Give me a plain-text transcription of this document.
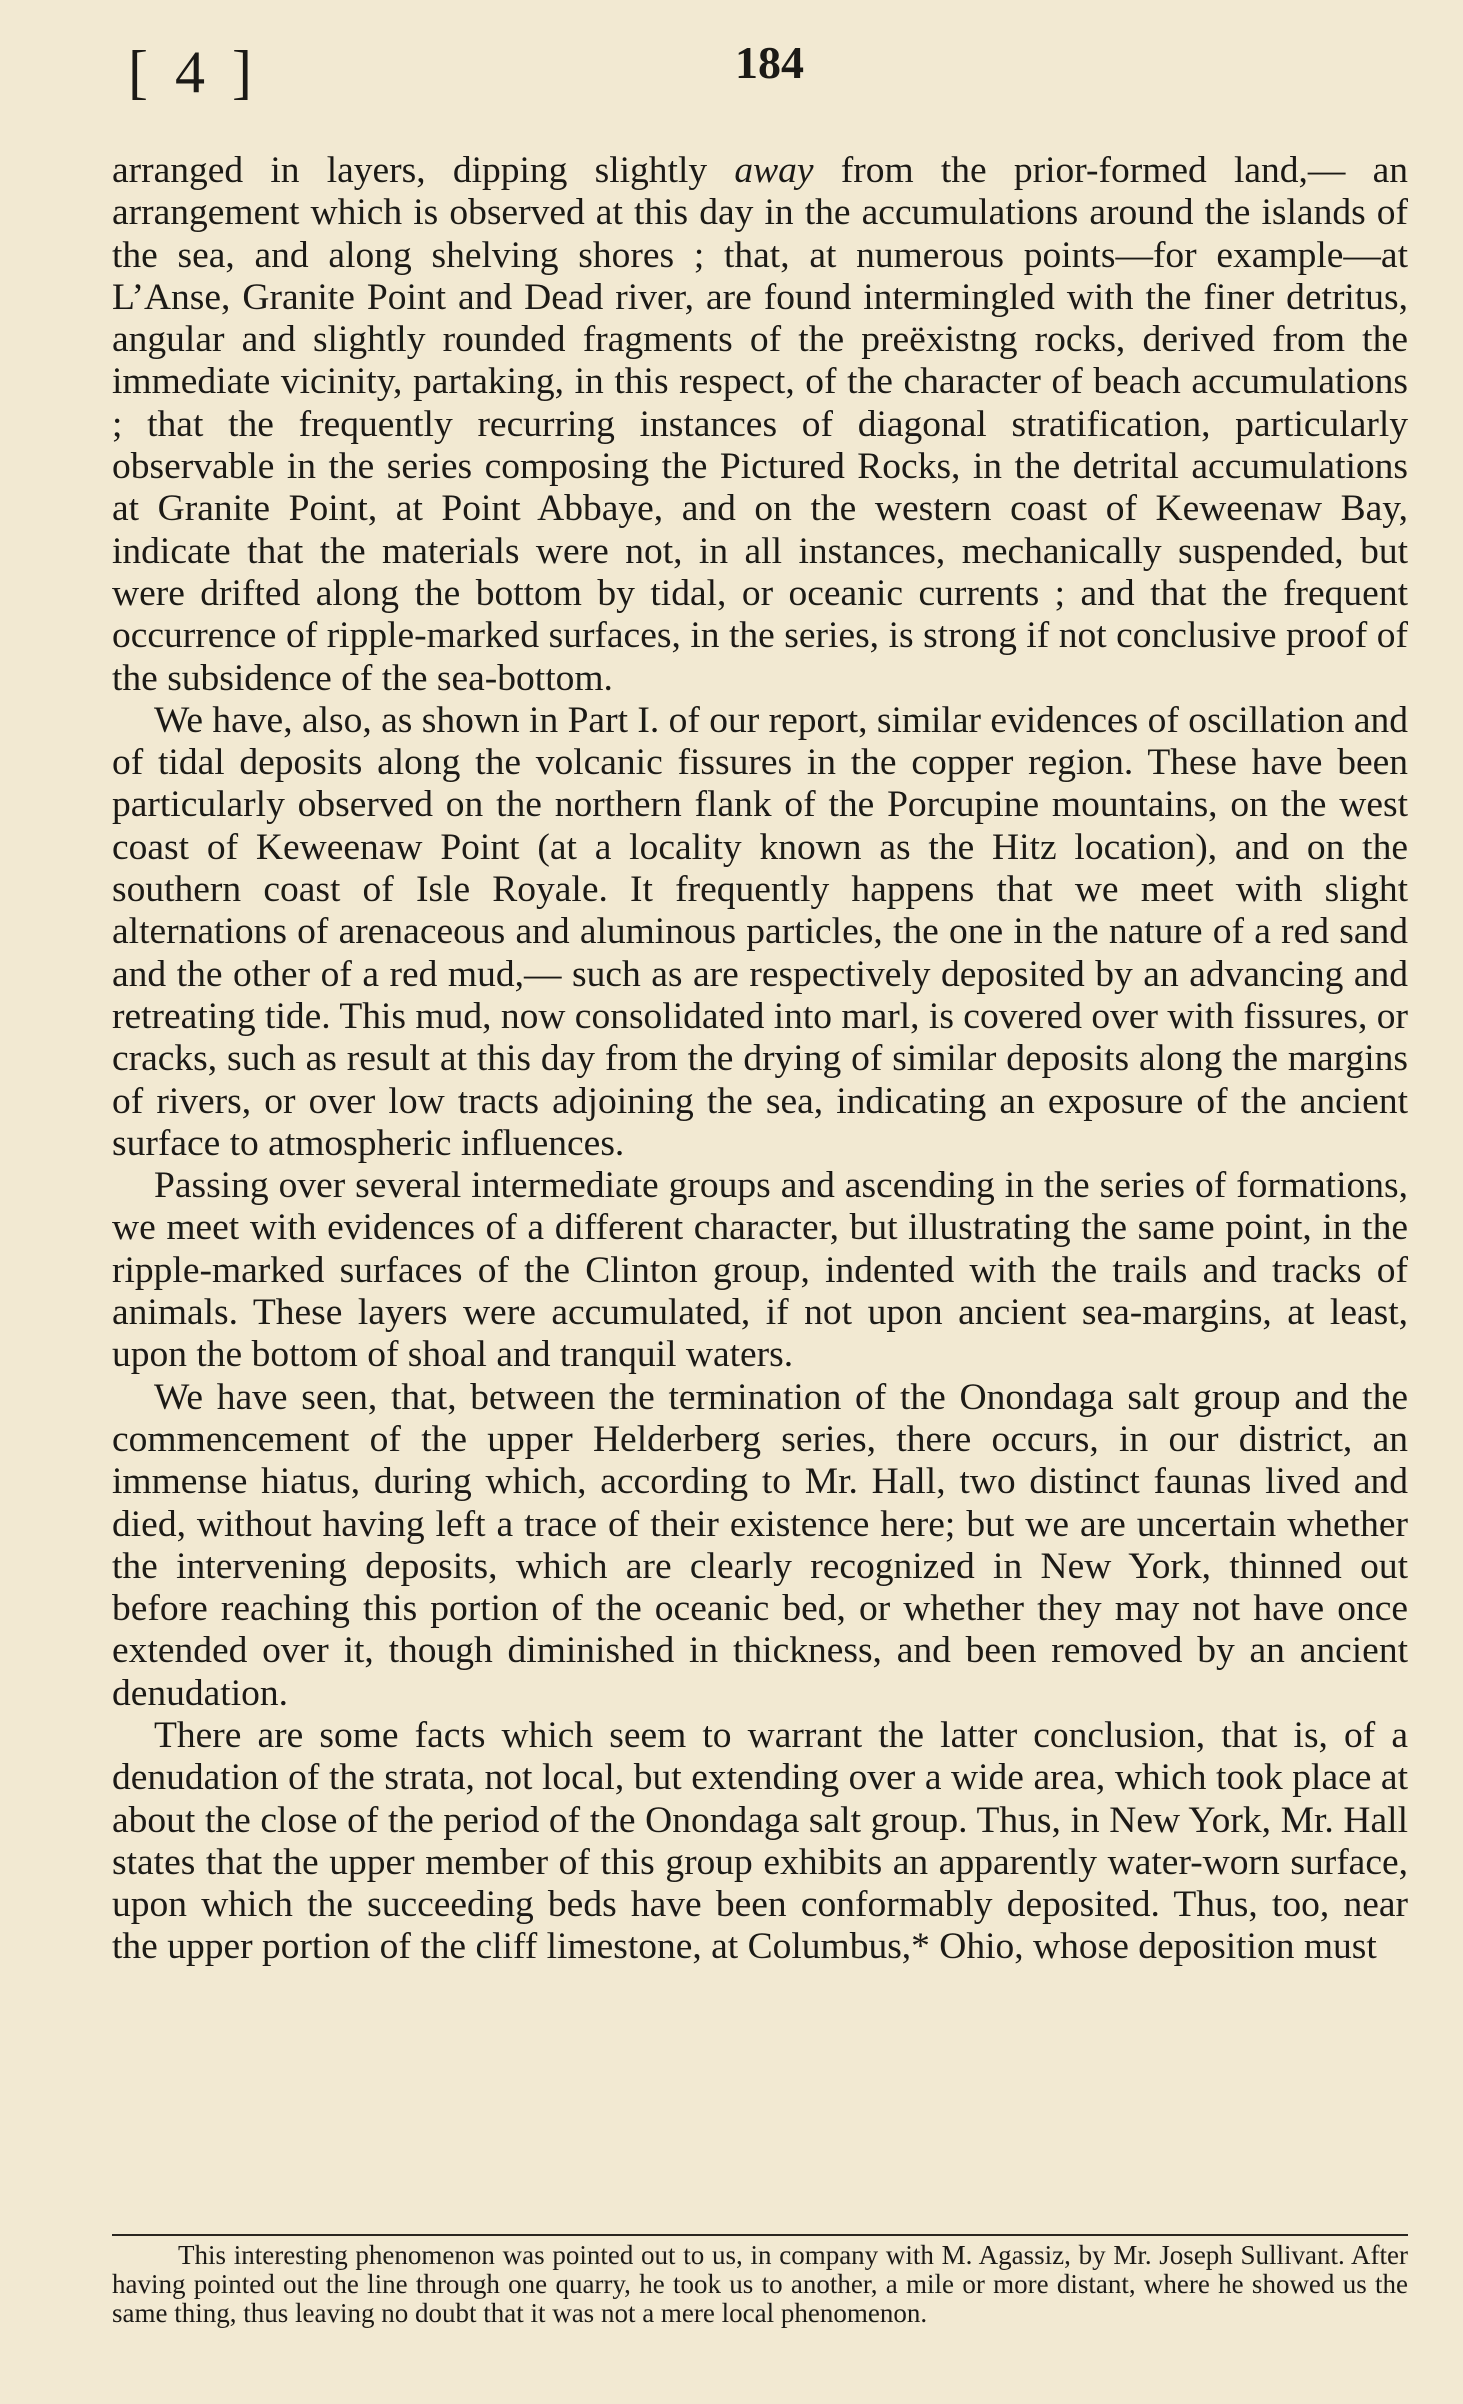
[ 4 ]	184

arranged in layers, dipping slightly away from the prior-formed land,— an arrangement which is observed at this day in the accumulations around the islands of the sea, and along shelving shores ; that, at numerous points—for example—at L’Anse, Granite Point and Dead river, are found intermingled with the finer detritus, angular and slightly rounded fragments of the preëxistng rocks, derived from the immediate vicinity, partaking, in this respect, of the character of beach accumulations ; that the frequently recurring instances of diagonal stratification, particularly observable in the series composing the Pictured Rocks, in the detrital accumulations at Granite Point, at Point Abbaye, and on the western coast of Keweenaw Bay, indicate that the materials were not, in all instances, mechanically suspended, but were drifted along the bottom by tidal, or oceanic currents ; and that the frequent occurrence of ripple-marked surfaces, in the series, is strong if not conclusive proof of the subsidence of the sea-bottom.

We have, also, as shown in Part I. of our report, similar evidences of oscillation and of tidal deposits along the volcanic fissures in the copper region. These have been particularly observed on the northern flank of the Porcupine mountains, on the west coast of Keweenaw Point (at a locality known as the Hitz location), and on the southern coast of Isle Royale. It frequently happens that we meet with slight alternations of arenaceous and aluminous particles, the one in the nature of a red sand and the other of a red mud,— such as are respectively deposited by an advancing and retreating tide. This mud, now consolidated into marl, is covered over with fissures, or cracks, such as result at this day from the drying of similar deposits along the margins of rivers, or over low tracts adjoining the sea, indicating an exposure of the ancient surface to atmospheric influences.

Passing over several intermediate groups and ascending in the series of formations, we meet with evidences of a different character, but illustrating the same point, in the ripple-marked surfaces of the Clinton group, indented with the trails and tracks of animals. These layers were accumulated, if not upon ancient sea-margins, at least, upon the bottom of shoal and tranquil waters.

We have seen, that, between the termination of the Onondaga salt group and the commencement of the upper Helderberg series, there occurs, in our district, an immense hiatus, during which, according to Mr. Hall, two distinct faunas lived and died, without having left a trace of their existence here; but we are uncertain whether the intervening deposits, which are clearly recognized in New York, thinned out before reaching this portion of the oceanic bed, or whether they may not have once extended over it, though diminished in thickness, and been removed by an ancient denudation.

There are some facts which seem to warrant the latter conclusion, that is, of a denudation of the strata, not local, but extending over a wide area, which took place at about the close of the period of the Onondaga salt group. Thus, in New York, Mr. Hall states that the upper member of this group exhibits an apparently water-worn surface, upon which the succeeding beds have been conformably deposited. Thus, too, near the upper portion of the cliff limestone, at Columbus,* Ohio, whose deposition must

This interesting phenomenon was pointed out to us, in company with M. Agassiz, by Mr. Joseph Sullivant. After having pointed out the line through one quarry, he took us to another, a mile or more distant, where he showed us the same thing, thus leaving no doubt that it was not a mere local phenomenon.
